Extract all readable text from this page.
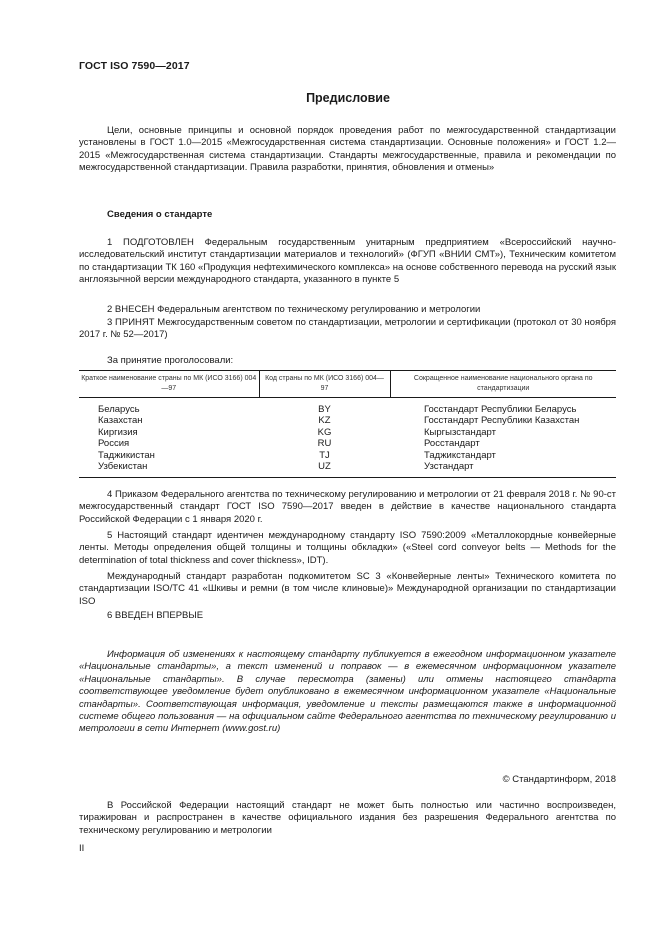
ГОСТ ISO 7590—2017
Предисловие

Цели, основные принципы и основной порядок проведения работ по межгосударственной стандартизации установлены в ГОСТ 1.0—2015 «Межгосударственная система стандартизации. Основные положения» и ГОСТ 1.2—2015 «Межгосударственная система стандартизации. Стандарты межгосударственные, правила и рекомендации по межгосударственной стандартизации. Правила разработки, принятия, обновления и отмены»

Сведения о стандарте

1 ПОДГОТОВЛЕН Федеральным государственным унитарным предприятием «Всероссийский научно-исследовательский институт стандартизации материалов и технологий» (ФГУП «ВНИИ СМТ»), Техническим комитетом по стандартизации ТК 160 «Продукция нефтехимического комплекса» на основе собственного перевода на русский язык англоязычной версии международного стандарта, указанного в пункте 5

2 ВНЕСЕН Федеральным агентством по техническому регулированию и метрологии

3 ПРИНЯТ Межгосударственным советом по стандартизации, метрологии и сертификации (протокол от 30 ноября 2017 г. № 52—2017)

За принятие проголосовали:
Краткое наименование страны по МК (ИСО 3166) 004—97	Код страны по МК (ИСО 3166) 004—97	Сокращенное наименование национального органа по стандартизации
Беларусь	BY	Госстандарт Республики Беларусь
Казахстан	KZ	Госстандарт Республики Казахстан
Киргизия	KG	Кыргызстандарт
Россия	RU	Росстандарт
Таджикистан	TJ	Таджикстандарт
Узбекистан	UZ	Узстандарт

4 Приказом Федерального агентства по техническому регулированию и метрологии от 21 февраля 2018 г. № 90-ст межгосударственный стандарт ГОСТ ISO 7590—2017 введен в действие в качестве национального стандарта Российской Федерации с 1 января 2020 г.

5 Настоящий стандарт идентичен международному стандарту ISO 7590:2009 «Металлокордные конвейерные ленты. Методы определения общей толщины и толщины обкладки» («Steel cord conveyor belts — Methods for the determination of total thickness and cover thickness», IDT).

Международный стандарт разработан подкомитетом SC 3 «Конвейерные ленты» Технического комитета по стандартизации ISO/TC 41 «Шкивы и ремни (в том числе клиновые)» Международной организации по стандартизации ISO

6 ВВЕДЕН ВПЕРВЫЕ

Информация об изменениях к настоящему стандарту публикуется в ежегодном информационном указателе «Национальные стандарты», а текст изменений и поправок — в ежемесячном информационном указателе «Национальные стандарты». В случае пересмотра (замены) или отмены настоящего стандарта соответствующее уведомление будет опубликовано в ежемесячном информационном указателе «Национальные стандарты». Соответствующая информация, уведомление и тексты размещаются также в информационной системе общего пользования — на официальном сайте Федерального агентства по техническому регулированию и метрологии в сети Интернет (www.gost.ru)

© Стандартинформ, 2018

В Российской Федерации настоящий стандарт не может быть полностью или частично воспроизведен, тиражирован и распространен в качестве официального издания без разрешения Федерального агентства по техническому регулированию и метрологии

II
